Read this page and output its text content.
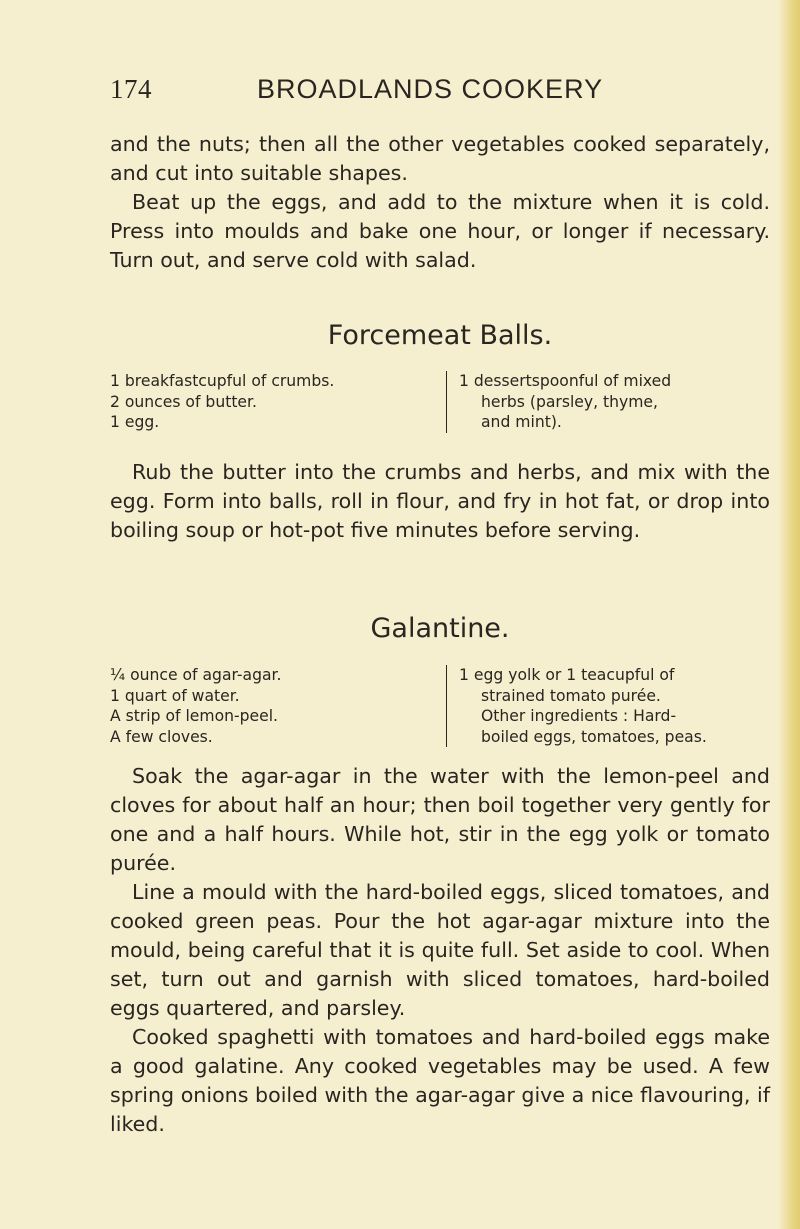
174	BROADLANDS COOKERY

and the nuts; then all the other vegetables cooked separately, and cut into suitable shapes.

Beat up the eggs, and add to the mixture when it is cold. Press into moulds and bake one hour, or longer if necessary. Turn out, and serve cold with salad.

Forcemeat Balls.
1 breakfastcupful of crumbs.
2 ounces of butter.
1 egg.
1 dessertspoonful of mixed
herbs (parsley, thyme,
and mint).

Rub the butter into the crumbs and herbs, and mix with the egg. Form into balls, roll in flour, and fry in hot fat, or drop into boiling soup or hot-pot five minutes before serving.

Galantine.
¼ ounce of agar-agar.
1 quart of water.
A strip of lemon-peel.
A few cloves.
1 egg yolk or 1 teacupful of
strained tomato purée.
Other ingredients : Hard-
boiled eggs, tomatoes, peas.

Soak the agar-agar in the water with the lemon-peel and cloves for about half an hour; then boil together very gently for one and a half hours. While hot, stir in the egg yolk or tomato purée.

Line a mould with the hard-boiled eggs, sliced tomatoes, and cooked green peas. Pour the hot agar-agar mixture into the mould, being careful that it is quite full. Set aside to cool. When set, turn out and garnish with sliced tomatoes, hard-boiled eggs quartered, and parsley.

Cooked spaghetti with tomatoes and hard-boiled eggs make a good galatine. Any cooked vegetables may be used. A few spring onions boiled with the agar-agar give a nice flavouring, if liked.
